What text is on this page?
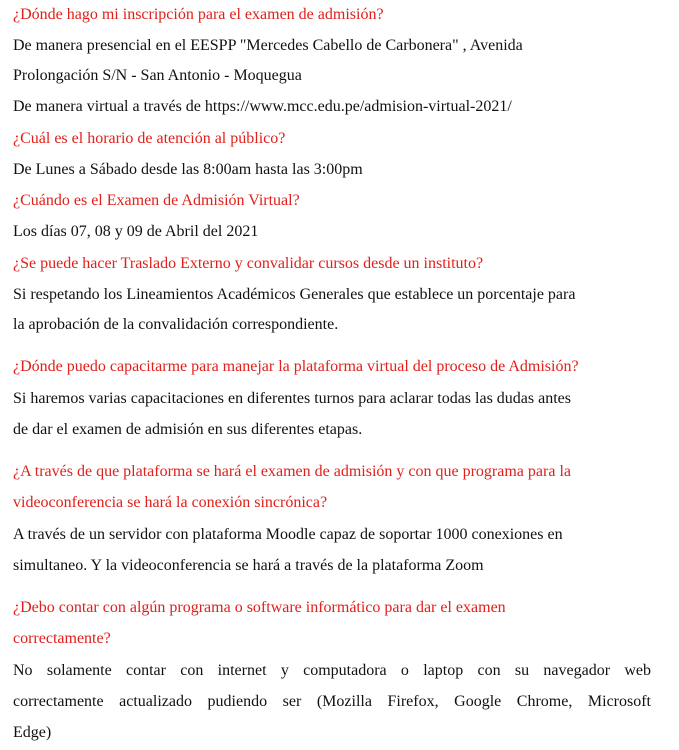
¿Dónde hago mi inscripción para el examen de admisión?
De manera presencial en el EESPP "Mercedes Cabello de Carbonera" , Avenida
Prolongación S/N - San Antonio - Moquegua
De manera virtual a través de https://www.mcc.edu.pe/admision-virtual-2021/
¿Cuál es el horario de atención al público?
De Lunes a Sábado desde las 8:00am hasta las 3:00pm
¿Cuándo es el Examen de Admisión Virtual?
Los días 07, 08 y 09 de Abril del 2021
¿Se puede hacer Traslado Externo y convalidar cursos desde un instituto?
Si respetando los Lineamientos Académicos Generales que establece un porcentaje para
la aprobación de la convalidación correspondiente.
¿Dónde puedo capacitarme para manejar la plataforma virtual del proceso de Admisión?
Si haremos varias capacitaciones en diferentes turnos para aclarar todas las dudas antes
de dar el examen de admisión en sus diferentes etapas.
¿A través de que plataforma se hará el examen de admisión y con que programa para la
videoconferencia se hará la conexión sincrónica?
A través de un servidor con plataforma Moodle capaz de soportar 1000 conexiones en
simultaneo. Y la videoconferencia se hará a través de la plataforma Zoom
¿Debo contar con algún programa o software informático para dar el examen
correctamente?
No solamente contar con internet y computadora o laptop con su navegador web
correctamente actualizado pudiendo ser (Mozilla Firefox, Google Chrome, Microsoft
Edge)
